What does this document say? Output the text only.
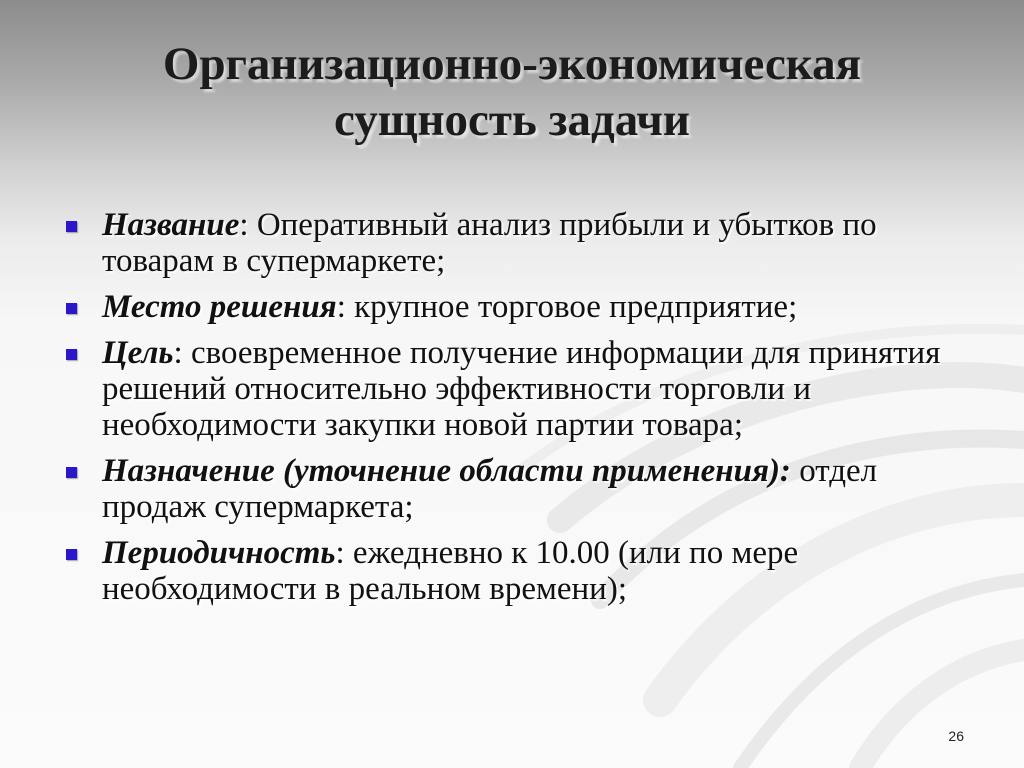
Организационно-экономическая
сущность задачи
Название: Оперативный анализ прибыли и убытков по товарам в супермаркете;
Место решения: крупное торговое предприятие;
Цель: своевременное получение информации для принятия решений относительно эффективности торговли и необходимости закупки новой партии товара;
Назначение (уточнение области применения): отдел продаж супермаркета;
Периодичность: ежедневно к 10.00 (или по мере необходимости в реальном времени);
26
